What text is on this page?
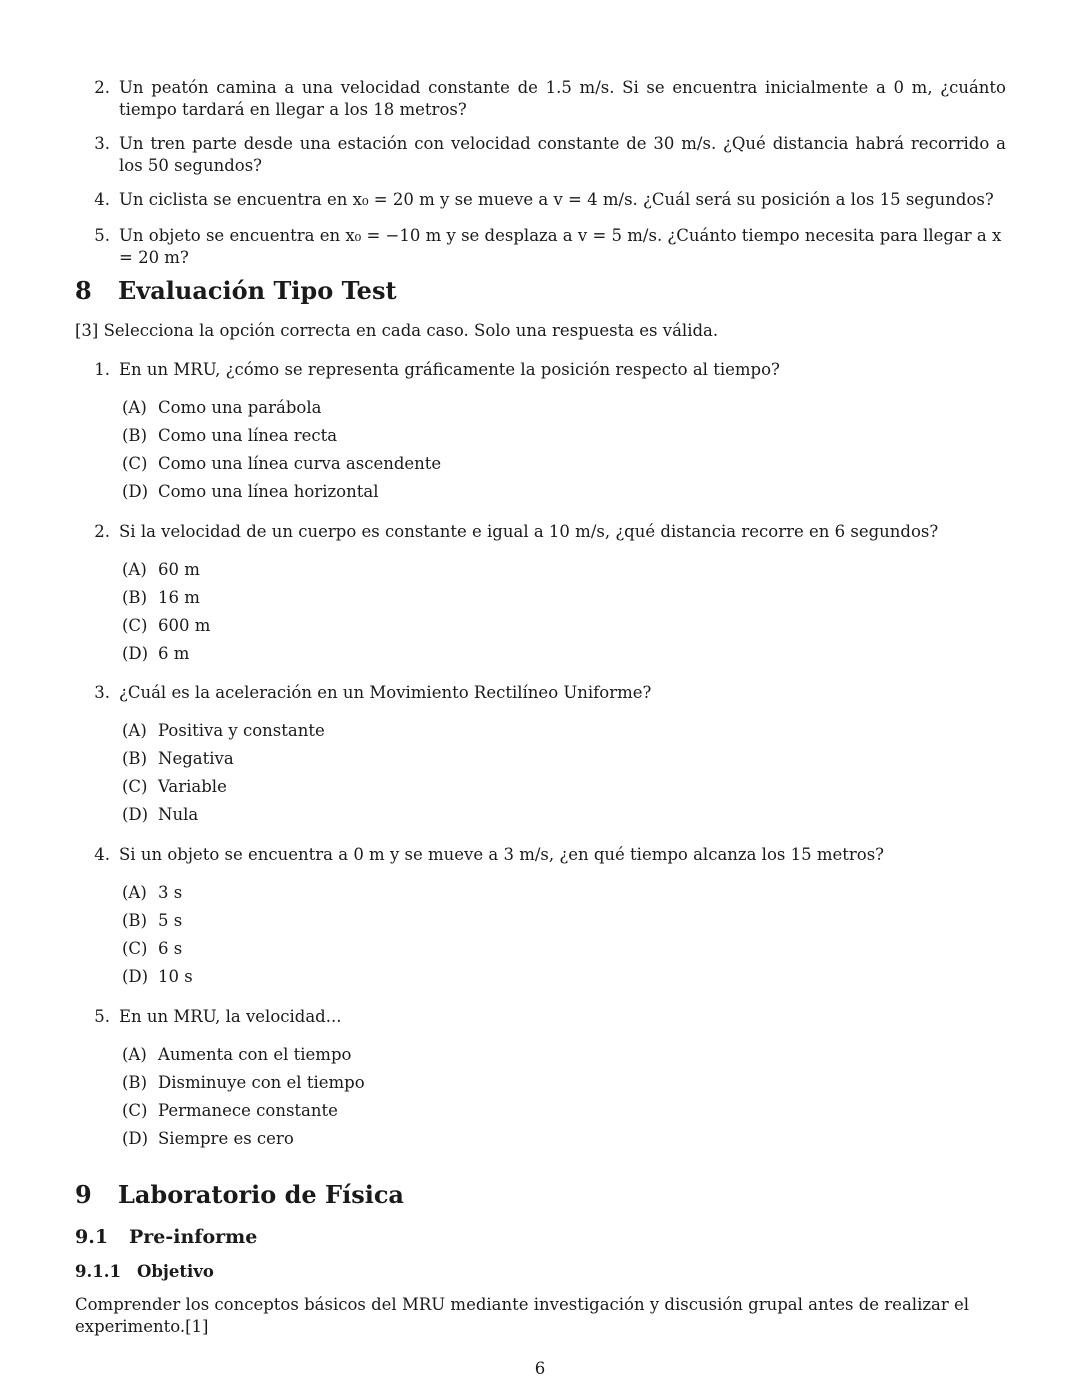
2. Un peatón camina a una velocidad constante de 1.5 m/s. Si se encuentra inicialmente a 0 m, ¿cuánto tiempo tardará en llegar a los 18 metros?
3. Un tren parte desde una estación con velocidad constante de 30 m/s. ¿Qué distancia habrá recorrido a los 50 segundos?
4. Un ciclista se encuentra en x₀ = 20 m y se mueve a v = 4 m/s. ¿Cuál será su posición a los 15 segundos?
5. Un objeto se encuentra en x₀ = −10 m y se desplaza a v = 5 m/s. ¿Cuánto tiempo necesita para llegar a x = 20 m?
8 Evaluación Tipo Test
[3] Selecciona la opción correcta en cada caso. Solo una respuesta es válida.
1. En un MRU, ¿cómo se representa gráficamente la posición respecto al tiempo?
(A) Como una parábola
(B) Como una línea recta
(C) Como una línea curva ascendente
(D) Como una línea horizontal
2. Si la velocidad de un cuerpo es constante e igual a 10 m/s, ¿qué distancia recorre en 6 segundos?
(A) 60 m
(B) 16 m
(C) 600 m
(D) 6 m
3. ¿Cuál es la aceleración en un Movimiento Rectilíneo Uniforme?
(A) Positiva y constante
(B) Negativa
(C) Variable
(D) Nula
4. Si un objeto se encuentra a 0 m y se mueve a 3 m/s, ¿en qué tiempo alcanza los 15 metros?
(A) 3 s
(B) 5 s
(C) 6 s
(D) 10 s
5. En un MRU, la velocidad...
(A) Aumenta con el tiempo
(B) Disminuye con el tiempo
(C) Permanece constante
(D) Siempre es cero
9 Laboratorio de Física
9.1 Pre-informe
9.1.1 Objetivo
Comprender los conceptos básicos del MRU mediante investigación y discusión grupal antes de realizar el experimento.[1]
6
